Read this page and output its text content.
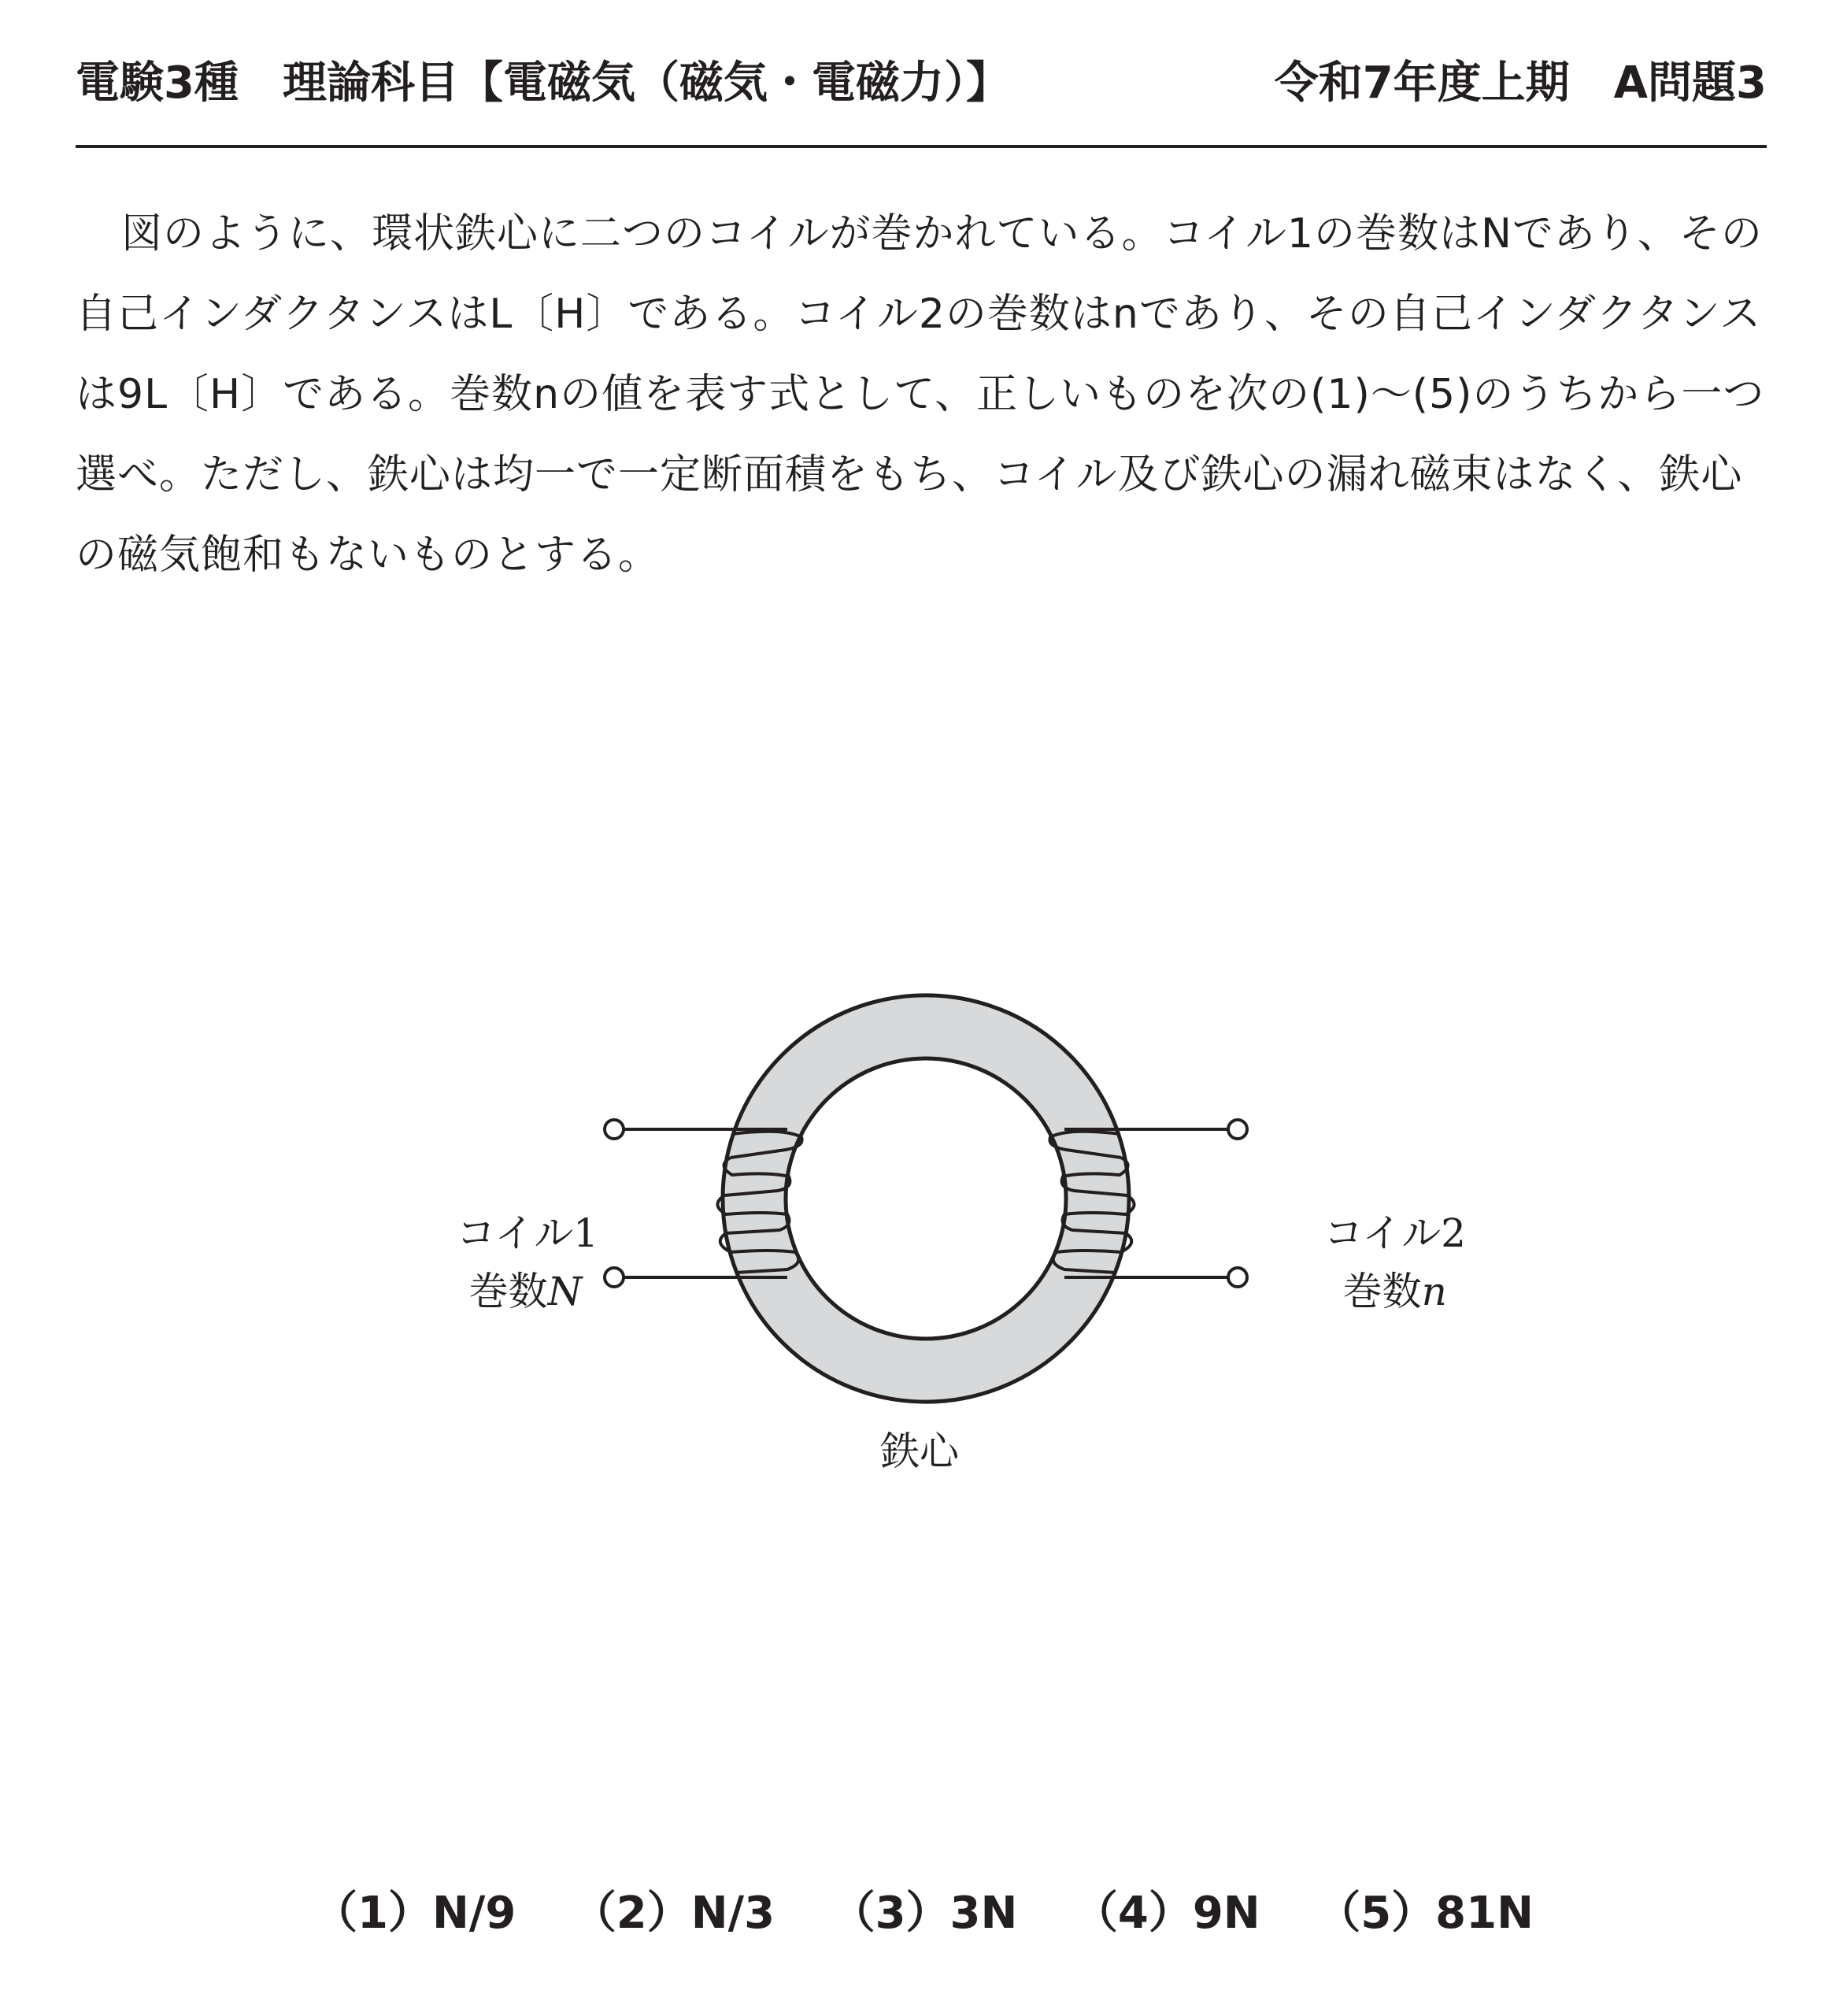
電験3種　理論科目【電磁気（磁気・電磁力）】	令和7年度上期　A問題3

図のように、環状鉄心に二つのコイルが巻かれている。コイル1の巻数はNであり、その自己インダクタンスはL〔H〕である。コイル2の巻数はnであり、その自己インダクタンスは9L〔H〕である。巻数nの値を表す式として、正しいものを次の(1)〜(5)のうちから一つ選べ。ただし、鉄心は均一で一定断面積をもち、コイル及び鉄心の漏れ磁束はなく、鉄心の磁気飽和もないものとする。

コイル1

巻数N

コイル2

巻数n

鉄心
（1）N/9 （2）N/3 （3）3N （4）9N （5）81N
